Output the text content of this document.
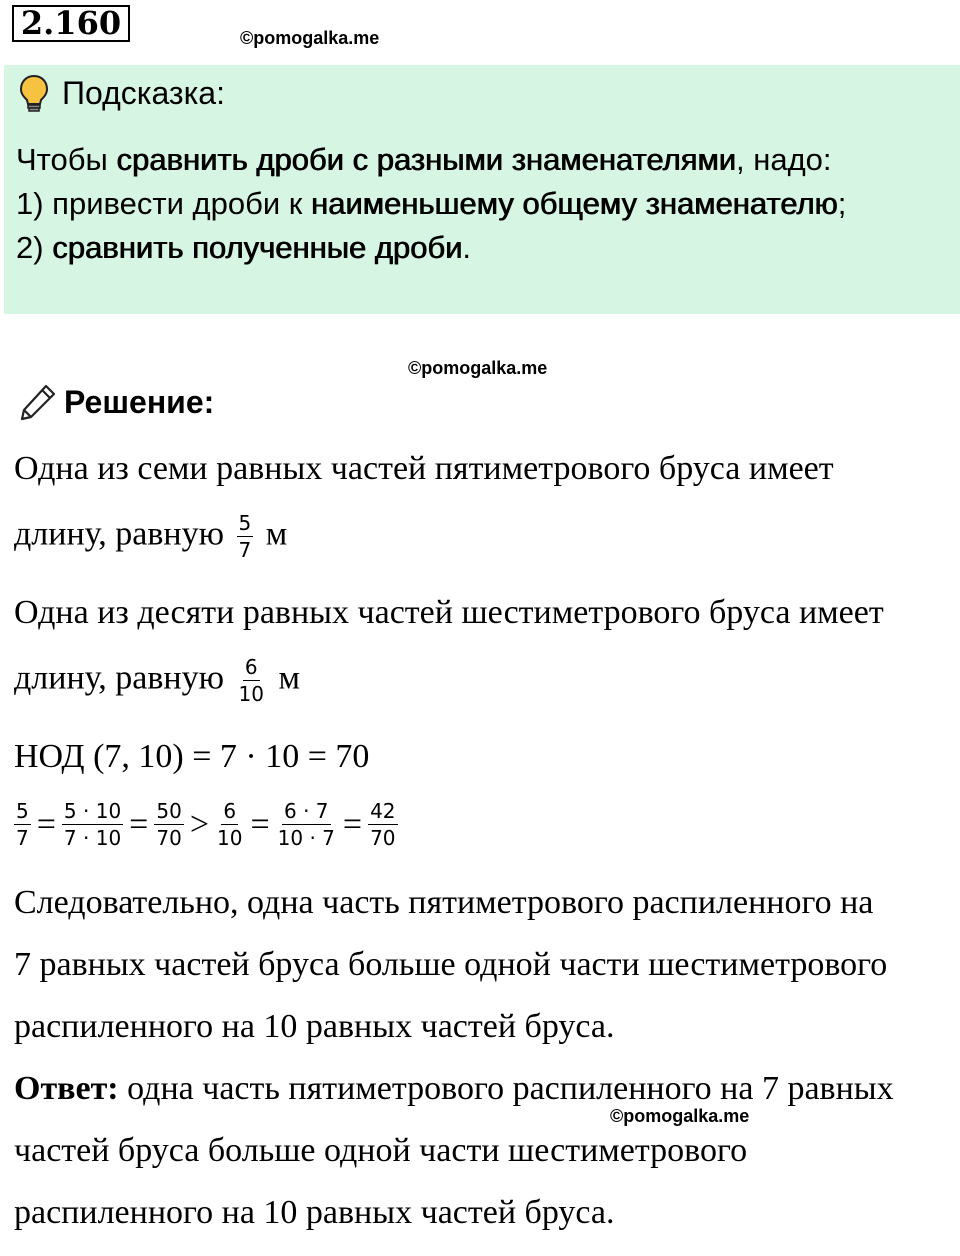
2.160	©pomogalka.me
Подсказка:
Чтобы сравнить дроби с разными знаменателями, надо:
1) привести дроби к наименьшему общему знаменателю;
2) сравнить полученные дроби.
©pomogalka.me
Решение:
Одна из семи равных частей пятиметрового бруса имеет
длину, равную $\frac{5}{7}$ м
Одна из десяти равных частей шестиметрового бруса имеет
длину, равную $\frac{6}{10}$ м
НОД (7, 10) = 7 · 10 = 70
$\frac{5}{7} = \frac{5 \cdot 10}{7 \cdot 10} = \frac{50}{70} > \frac{6}{10} = \frac{6 \cdot 7}{10 \cdot 7} = \frac{42}{70}$
Следовательно, одна часть пятиметрового распиленного на
7 равных частей бруса больше одной части шестиметрового
распиленного на 10 равных частей бруса.
Ответ: одна часть пятиметрового распиленного на 7 равных
©pomogalka.me
частей бруса больше одной части шестиметрового
распиленного на 10 равных частей бруса.
